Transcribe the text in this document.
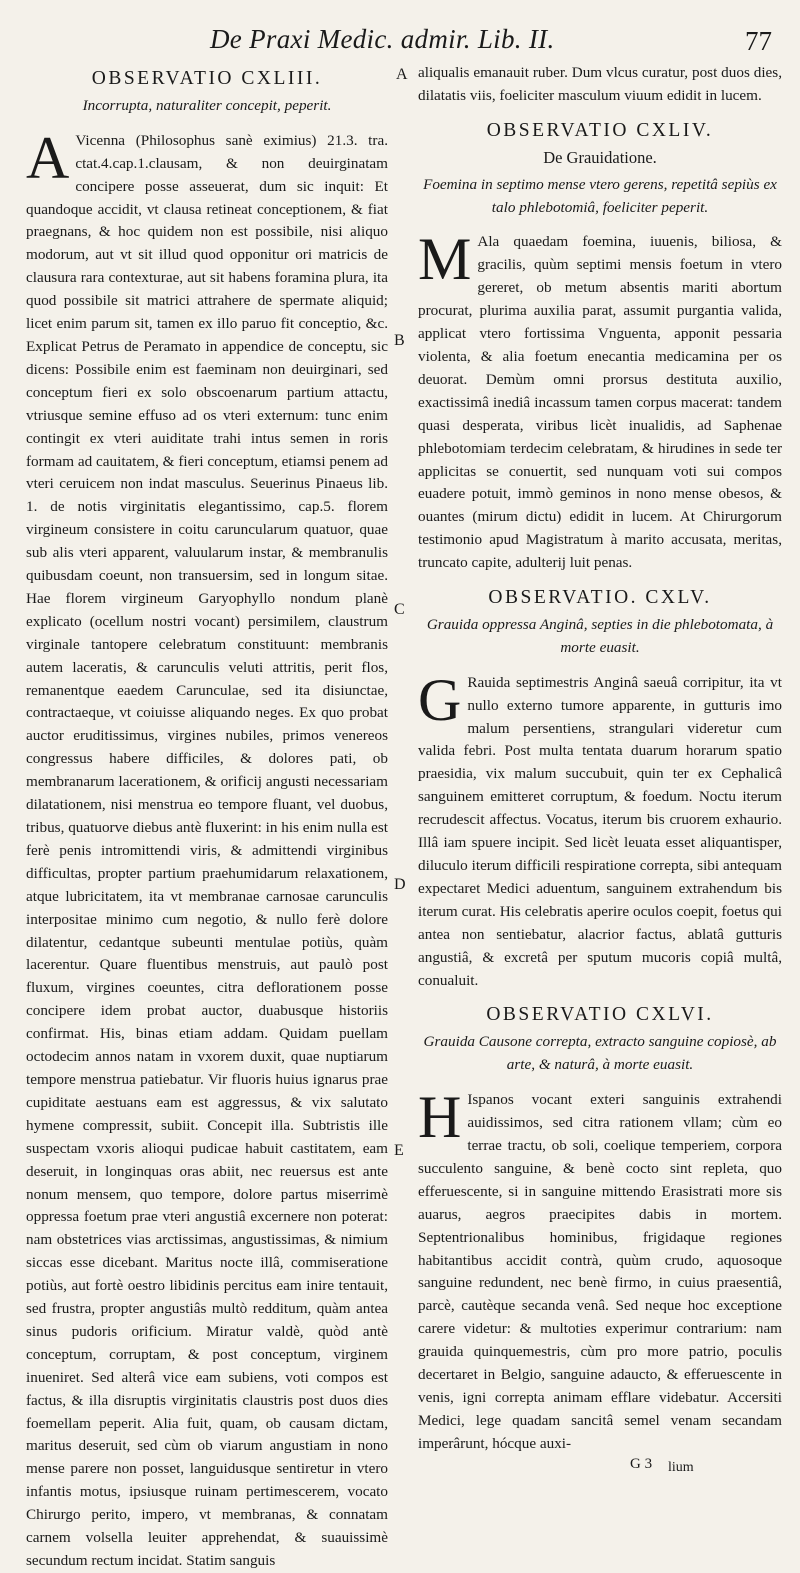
De Praxi Medic. admir. Lib. II.	77
A
B
C
D
E
OBSERVATIO CXLIII.
Incorrupta, naturaliter concepit, peperit.

A Vicenna (Philosophus sanè eximius) 21.3. tra. ctat.4.cap.1.clausam, & non deuirginatam concipere posse asseuerat, dum sic inquit: Et quandoque accidit, vt clausa retineat conceptionem, & fiat praegnans, & hoc quidem non est possibile, nisi aliquo modorum, aut vt sit illud quod opponitur ori matricis de clausura rara contexturae, aut sit habens foramina plura, ita quod possibile sit matrici attrahere de spermate aliquid; licet enim parum sit, tamen ex illo paruo fit conceptio, &c. Explicat Petrus de Peramato in appendice de conceptu, sic dicens: Possibile enim est faeminam non deuirginari, sed conceptum fieri ex solo obscoenarum partium attactu, vtriusque semine effuso ad os vteri externum: tunc enim contingit ex vteri auiditate trahi intus semen in roris formam ad cauitatem, & fieri conceptum, etiamsi penem ad vteri ceruicem non indat masculus. Seuerinus Pinaeus lib. 1. de notis virginitatis elegantissimo, cap.5. florem virgineum consistere in coitu caruncularum quatuor, quae sub alis vteri apparent, valuularum instar, & membranulis quibusdam coeunt, non transuersim, sed in longum sitae. Hae florem virgineum Garyophyllo nondum planè explicato (ocellum nostri vocant) persimilem, claustrum virginale tantopere celebratum constituunt: membranis autem laceratis, & carunculis veluti attritis, perit flos, remanentque eaedem Carunculae, sed ita disiunctae, contractaeque, vt coiuisse aliquando neges. Ex quo probat auctor eruditissimus, virgines nubiles, primos venereos congressus habere difficiles, & dolores pati, ob membranarum lacerationem, & orificij angusti necessariam dilatationem, nisi menstrua eo tempore fluant, vel duobus, tribus, quatuorve diebus antè fluxerint: in his enim nulla est ferè penis intromittendi viris, & admittendi virginibus difficultas, propter partium praehumidarum relaxationem, atque lubricitatem, ita vt membranae carnosae carunculis interpositae minimo cum negotio, & nullo ferè dolore dilatentur, cedantque subeunti mentulae potiùs, quàm lacerentur. Quare fluentibus menstruis, aut paulò post fluxum, virgines coeuntes, citra deflorationem posse concipere idem probat auctor, duabusque historiis confirmat. His, binas etiam addam. Quidam puellam octodecim annos natam in vxorem duxit, quae nuptiarum tempore menstrua patiebatur. Vir fluoris huius ignarus prae cupiditate aestuans eam est aggressus, & vix salutato hymene compressit, subiit. Concepit illa. Subtristis ille suspectam vxoris alioqui pudicae habuit castitatem, eam deseruit, in longinquas oras abiit, nec reuersus est ante nonum mensem, quo tempore, dolore partus miserrimè oppressa foetum prae vteri angustiâ excernere non poterat: nam obstetrices vias arctissimas, angustissimas, & nimium siccas esse dicebant. Maritus nocte illâ, commiseratione potiùs, aut fortè oestro libidinis percitus eam inire tentauit, sed frustra, propter angustiâs multò redditum, quàm antea sinus pudoris orificium. Miratur valdè, quòd antè conceptum, corruptam, & post conceptum, virginem inueniret. Sed alterâ vice eam subiens, voti compos est factus, & illa disruptis virginitatis claustris post duos dies foemellam peperit. Alia fuit, quam, ob causam dictam, maritus deseruit, sed cùm ob viarum angustiam in nono mense parere non posset, languidusque sentiretur in vtero infantis motus, ipsiusque ruinam pertimescerem, vocato Chirurgo perito, impero, vt membranas, & connatam carnem volsella leuiter apprehendat, & suauissimè secundum rectum incidat. Statim sanguis

aliqualis emanauit ruber. Dum vlcus curatur, post duos dies, dilatatis viis, foeliciter masculum viuum edidit in lucem.

OBSERVATIO CXLIV.
De Grauidatione.
Foemina in septimo mense vtero gerens, repetitâ sepiùs ex talo phlebotomiâ, foeliciter peperit.

M Ala quaedam foemina, iuuenis, biliosa, & gracilis, quùm septimi mensis foetum in vtero gereret, ob metum absentis mariti abortum procurat, plurima auxilia parat, assumit purgantia valida, applicat vtero fortissima Vnguenta, apponit pessaria violenta, & alia foetum enecantia medicamina per os deuorat. Demùm omni prorsus destituta auxilio, exactissimâ inediâ incassum tamen corpus macerat: tandem quasi desperata, viribus licèt inualidis, ad Saphenae phlebotomiam terdecim celebratam, & hirudines in sede ter applicitas se conuertit, sed nunquam voti sui compos euadere potuit, immò geminos in nono mense obesos, & ouantes (mirum dictu) edidit in lucem. At Chirurgorum testimonio apud Magistratum à marito accusata, meritas, truncato capite, adulterij luit penas.

OBSERVATIO. CXLV.
Grauida oppressa Anginâ, septies in die phlebotomata, à morte euasit.

G Rauida septimestris Anginâ saeuâ corripitur, ita vt nullo externo tumore apparente, in gutturis imo malum persentiens, strangulari videretur cum valida febri. Post multa tentata duarum horarum spatio praesidia, vix malum succubuit, quin ter ex Cephalicâ sanguinem emitteret corruptum, & foedum. Noctu iterum recrudescit affectus. Vocatus, iterum bis cruorem exhaurio. Illâ iam spuere incipit. Sed licèt leuata esset aliquantisper, diluculo iterum difficili respiratione correpta, sibi antequam expectaret Medici aduentum, sanguinem extrahendum bis iterum curat. His celebratis aperire oculos coepit, foetus qui antea non sentiebatur, alacrior factus, ablatâ gutturis angustiâ, & excretâ per sputum mucoris copiâ multâ, conualuit.

OBSERVATIO CXLVI.
Grauida Causone correpta, extracto sanguine copiosè, ab arte, & naturâ, à morte euasit.

H Ispanos vocant exteri sanguinis extrahendi auidissimos, sed citra rationem vllam; cùm eo terrae tractu, ob soli, coelique temperiem, corpora succulento sanguine, & benè cocto sint repleta, quo efferuescente, si in sanguine mittendo Erasistrati more sis auarus, aegros praecipites dabis in mortem. Septentrionalibus hominibus, frigidaque regiones habitantibus accidit contrà, quùm crudo, aquosoque sanguine redundent, nec benè firmo, in cuius praesentiâ, parcè, cautèque secanda venâ. Sed neque hoc exceptione carere videtur: & multoties experimur contrarium: nam grauida quinquemestris, cùm pro more patrio, poculis decertaret in Belgio, sanguine adaucto, & efferuescente in venis, igni correpta animam efflare videbatur. Accersiti Medici, lege quadam sancitâ semel venam secandam imperârunt, hócque auxi-

G 3 lium
